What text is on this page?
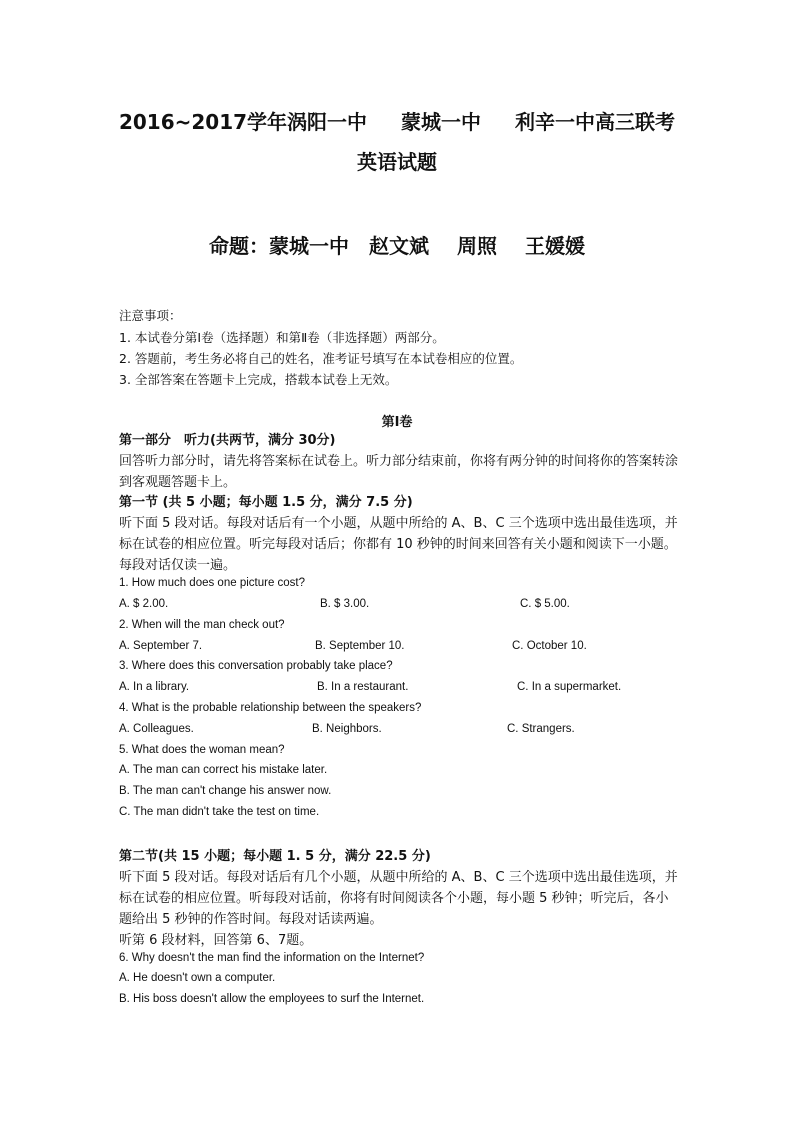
2016~2017学年涡阳一中 蒙城一中 利辛一中高三联考
英语试题
命题：蒙城一中 赵文斌 周照 王媛媛
注意事项：
1. 本试卷分第Ⅰ卷（选择题）和第Ⅱ卷（非选择题）两部分。
2. 答题前，考生务必将自己的姓名，准考证号填写在本试卷相应的位置。
3. 全部答案在答题卡上完成，搭载本试卷上无效。
第Ⅰ卷
第一部分　听力(共两节，满分 30分)
回答听力部分时，请先将答案标在试卷上。听力部分结束前，你将有两分钟的时间将你的答案转涂到客观题答题卡上。
第一节 (共 5 小题；每小题 1.5 分，满分 7.5 分)
听下面 5 段对话。每段对话后有一个小题，从题中所给的 A、B、C 三个选项中选出最佳选项，并标在试卷的相应位置。听完每段对话后；你都有 10 秒钟的时间来回答有关小题和阅读下一小题。每段对话仅读一遍。
1. How much does one picture cost?
A. $ 2.00.	B. $ 3.00.	C. $ 5.00.
2. When will the man check out?
A. September 7.	B. September 10.	C. October 10.
3. Where does this conversation probably take place?
A. In a library.	B. In a restaurant.	C. In a supermarket.
4. What is the probable relationship between the speakers?
A. Colleagues.	B. Neighbors.	C. Strangers.
5. What does the woman mean?
A. The man can correct his mistake later.
B. The man can't change his answer now.
C. The man didn't take the test on time.
第二节(共 15 小题；每小题 1. 5 分，满分 22.5 分)
听下面 5 段对话。每段对话后有几个小题，从题中所给的 A、B、C 三个选项中选出最佳选项，并标在试卷的相应位置。听每段对话前，你将有时间阅读各个小题，每小题 5 秒钟；听完后，各小题给出 5 秒钟的作答时间。每段对话读两遍。
听第 6 段材料，回答第 6、7题。
6. Why doesn't the man find the information on the Internet?
A. He doesn't own a computer.
B. His boss doesn't allow the employees to surf the Internet.
